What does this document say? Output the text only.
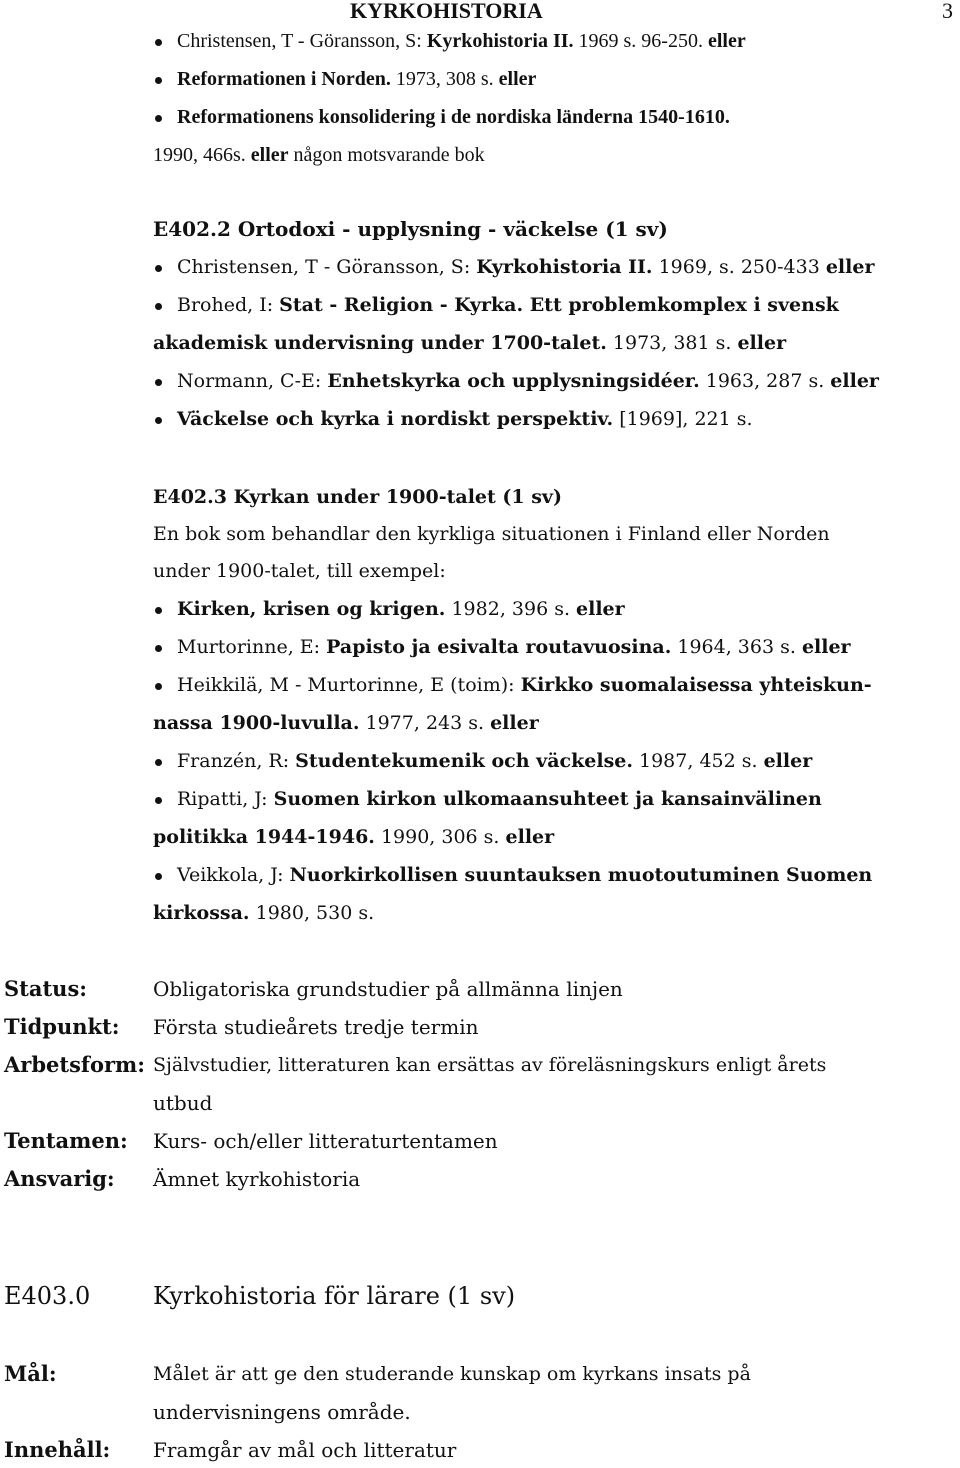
KYRKOHISTORIA	3
Christensen, T - Göransson, S: Kyrkohistoria II. 1969 s. 96-250. eller
Reformationen i Norden. 1973, 308 s. eller
Reformationens konsolidering i de nordiska länderna 1540-1610.
1990, 466s. eller någon motsvarande bok
E402.2 Ortodoxi - upplysning - väckelse (1 sv)
Christensen, T - Göransson, S: Kyrkohistoria II. 1969, s. 250-433 eller
Brohed, I: Stat - Religion - Kyrka. Ett problemkomplex i svensk
akademisk undervisning under 1700-talet. 1973, 381 s. eller
Normann, C-E: Enhetskyrka och upplysningsidéer. 1963, 287 s. eller
Väckelse och kyrka i nordiskt perspektiv. [1969], 221 s.
E402.3 Kyrkan under 1900-talet (1 sv)
En bok som behandlar den kyrkliga situationen i Finland eller Norden
under 1900-talet, till exempel:
Kirken, krisen og krigen. 1982, 396 s. eller
Murtorinne, E: Papisto ja esivalta routavuosina. 1964, 363 s. eller
Heikkilä, M - Murtorinne, E (toim): Kirkko suomalaisessa yhteiskun-
nassa 1900-luvulla. 1977, 243 s. eller
Franzén, R: Studentekumenik och väckelse. 1987, 452 s. eller
Ripatti, J: Suomen kirkon ulkomaansuhteet ja kansainvälinen
politikka 1944-1946. 1990, 306 s. eller
Veikkola, J: Nuorkirkollisen suuntauksen muotoutuminen Suomen
kirkossa. 1980, 530 s.
Status:	Obligatoriska grundstudier på allmänna linjen
Tidpunkt: Första studieårets tredje termin
Arbetsform: Självstudier, litteraturen kan ersättas av föreläsningskurs enligt årets
utbud
Tentamen: Kurs- och/eller litteraturtentamen
Ansvarig: Ämnet kyrkohistoria
E403.0	Kyrkohistoria för lärare (1 sv)
Mål:	Målet är att ge den studerande kunskap om kyrkans insats på
undervisningens område.
Innehåll: Framgår av mål och litteratur
